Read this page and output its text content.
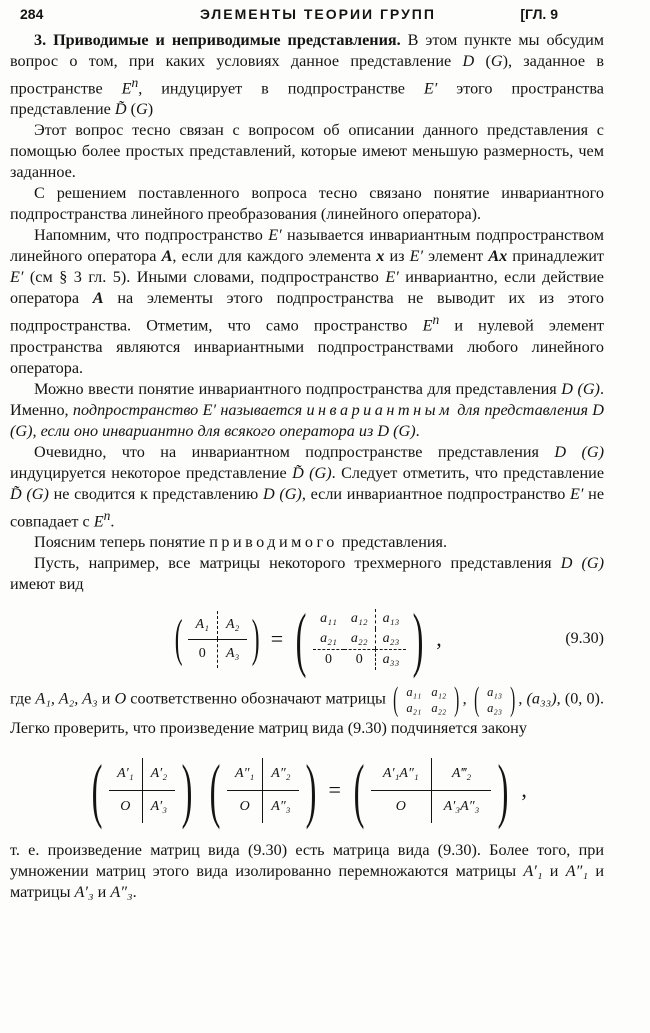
284	ЭЛЕМЕНТЫ ТЕОРИИ ГРУПП	[ГЛ. 9

3. Приводимые и неприводимые представления. В этом пункте мы обсудим вопрос о том, при каких условиях данное представление D (G), заданное в пространстве $E^n$, индуцирует в подпространстве E′ этого пространства представление D̃ (G)

Этот вопрос тесно связан с вопросом об описании данного представления с помощью более простых представлений, которые имеют меньшую размерность, чем заданное.

С решением поставленного вопроса тесно связано понятие инвариантного подпространства линейного преобразования (линейного оператора).

Напомним, что подпространство E′ называется инвариантным подпространством линейного оператора A, если для каждого элемента x из E′ элемент Ax принадлежит E′ (см § 3 гл. 5). Иными словами, подпространство E′ инвариантно, если действие оператора A на элементы этого подпространства не выводит их из этого подпространства. Отметим, что само пространство $E^n$ и нулевой элемент пространства являются инвариантными подпространствами любого линейного оператора.

Можно ввести понятие инвариантного подпространства для представления D (G). Именно, подпространство E′ называется инвариантным для представления D (G), если оно инвариантно для всякого оператора из D (G).

Очевидно, что на инвариантном подпространстве представления D (G) индуцируется некоторое представление D̃ (G). Следует отметить, что представление D̃ (G) не сводится к представлению D (G), если инвариантное подпространство E′ не совпадает с $E^n$.

Поясним теперь понятие приводимого представления.

Пусть, например, все матрицы некоторого трехмерного представления D (G) имеют вид

( A₁	A₂
0	A₃ ) = ( a₁₁	a₁₂	a₁₃
a₂₁	a₂₂	a₂₃
0	0	a₃₃ ) ,	(9.30)

где A₁, A₂, A₃ и O соответственно обозначают матрицы ( a₁₁ a₁₂
a₂₁ a₂₂ ) , ( a₁₃
a₂₃ ) , (a₃₃), (0, 0). Легко проверить, что произведение матриц вида (9.30) подчиняется закону

(	A′₁	A′₂
O	A′₃ ) (	A″₁	A″₂
O	A″₃ ) = (	A′₁A″₁	A‴₂
O	A′₃A″₃ ) ,

т. е. произведение матриц вида (9.30) есть матрица вида (9.30). Более того, при умножении матриц этого вида изолированно перемножаются матрицы A′₁ и A″₁ и матрицы A′₃ и A″₃.
